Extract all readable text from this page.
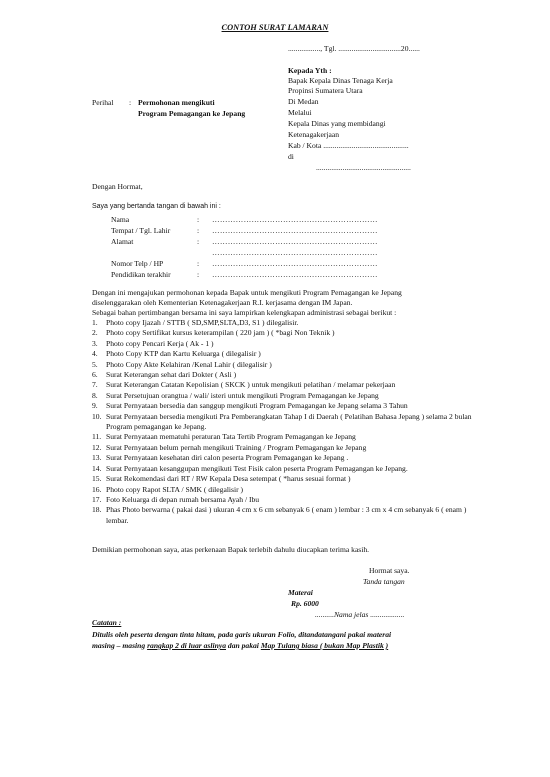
CONTOH SURAT LAMARAN
................., Tgl. .................................20......
Kepada Yth :
Bapak Kepala Dinas Tenaga Kerja
Propinsi Sumatera Utara
Di Medan
Melalui
Kepala Dinas yang membidangi
Ketenagakerjaan
Kab / Kota .............................................
di
..................................................
Perihal : Permohonan mengikuti
Program Pemagangan ke Jepang
Dengan Hormat,
Saya yang bertanda tangan di bawah ini :
Nama	: ………………………………………………………
Tempat / Tgl. Lahir	: ………………………………………………………
Alamat	: ………………………………………………………
………………………………………………………
Nomor Telp / HP	: ………………………………………………………
Pendidikan terakhir	: ………………………………………………………
Dengan ini mengajukan permohonan kepada Bapak untuk mengikuti Program Pemagangan ke Jepang
diselenggarakan oleh Kementerian Ketenagakerjaan R.I. kerjasama dengan IM Japan.
Sebagai bahan pertimbangan bersama ini saya lampirkan kelengkapan administrasi sebagai berikut :
1. Photo copy Ijazah / STTB ( SD,SMP,SLTA,D3, S1 ) dilegalisir.
2. Photo copy Sertifikat kursus keterampilan ( 220 jam ) ( *bagi Non Teknik )
3. Photo copy Pencari Kerja ( Ak - 1 )
4. Photo Copy KTP dan Kartu Keluarga ( dilegalisir )
5. Photo Copy Akte Kelahiran /Kenal Lahir ( dilegalisir )
6. Surat Keterangan sehat dari Dokter ( Asli )
7. Surat Keterangan Catatan Kepolisian ( SKCK ) untuk mengikuti pelatihan / melamar pekerjaan
8. Surat Persetujuan orangtua / wali/ isteri untuk mengikuti Program Pemagangan ke Jepang
9. Surat Pernyataan bersedia dan sanggup mengikuti Program Pemagangan ke Jepang selama 3 Tahun
10. Surat Pernyataan bersedia mengikuti Pra Pemberangkatan Tahap I di Daerah ( Pelatihan Bahasa Jepang ) selama 2 bulan Program pemagangan ke Jepang.
11. Surat Pernyataan mematuhi peraturan Tata Tertib Program Pemagangan ke Jepang
12. Surat Pernyataan belum pernah mengikuti Training / Program Pemagangan ke Jepang
13. Surat Pernyataan kesehatan diri calon peserta Program Pemagangan ke Jepang .
14. Surat Pernyataan kesanggupan mengikuti Test Fisik calon peserta Program Pemagangan ke Jepang.
15. Surat Rekomendasi dari RT / RW Kepala Desa setempat ( *harus sesuai format )
16. Photo copy Rapot SLTA / SMK ( dilegalisir )
17. Foto Keluarga di depan rumah bersama Ayah / Ibu
18. Phas Photo berwarna ( pakai dasi ) ukuran 4 cm x 6 cm sebanyak 6 ( enam ) lembar : 3 cm x 4 cm sebanyak 6 ( enam ) lembar.
Demikian permohonan saya, atas perkenaan Bapak terlebih dahulu diucapkan terima kasih.
Hormat saya.
Tanda tangan
Materai
Rp. 6000
..........Nama jelas ..................
Catatan :
Ditulis oleh peserta dengan tinta hitam, pada garis ukuran Folio, ditandatangani pakai materai
masing – masing rangkap 2 di luar aslinya dan pakai Map Tulang biasa ( bukan Map Plastik )
